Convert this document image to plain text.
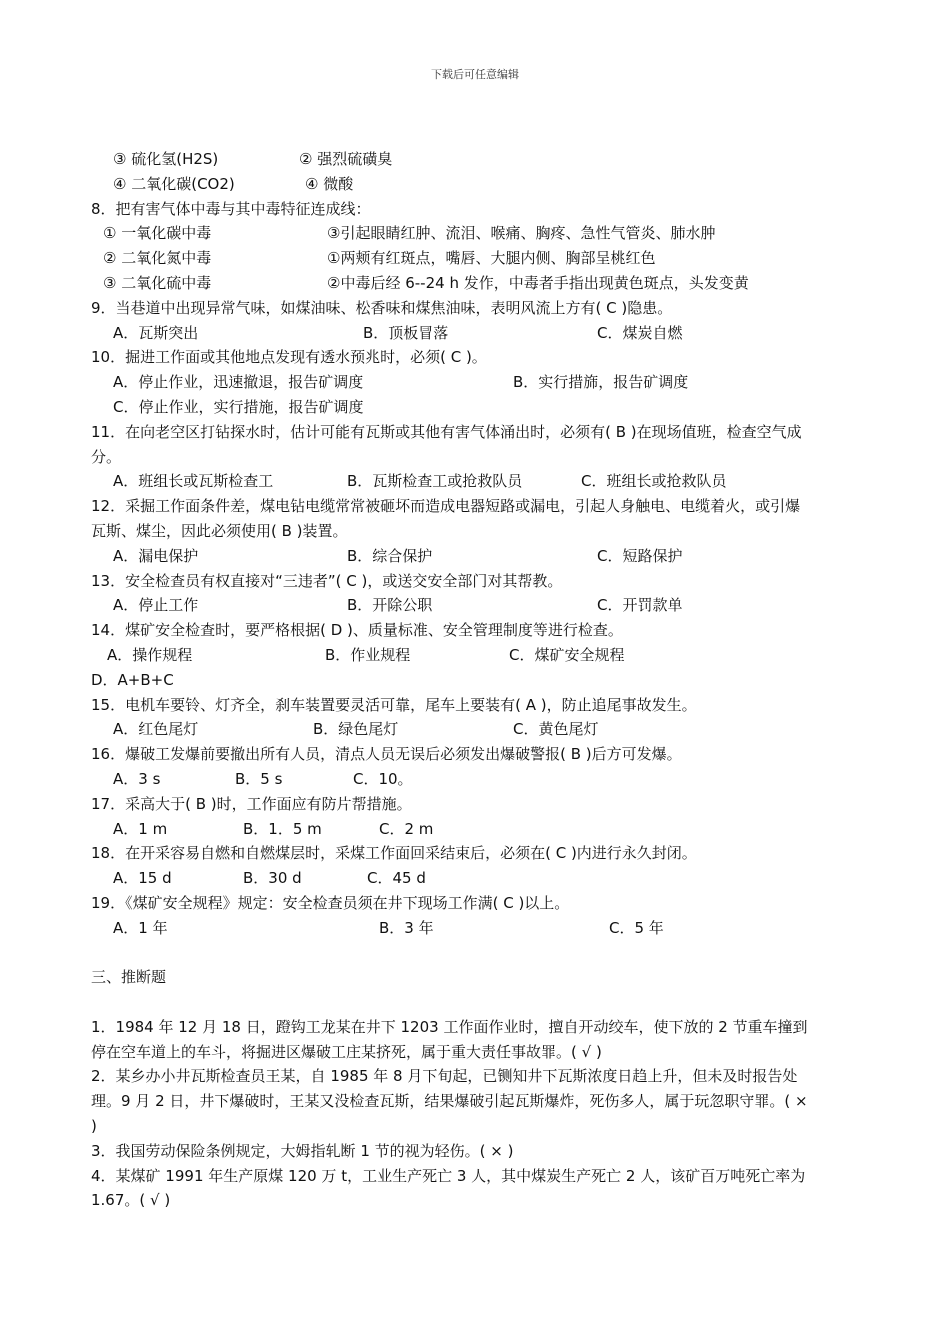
下载后可任意编辑
③ 硫化氢(H2S)	② 强烈硫磺臭
④ 二氧化碳(CO2)	④ 微酸
8．把有害气体中毒与其中毒特征连成线：
① 一氧化碳中毒	③引起眼睛红肿、流泪、喉痛、胸疼、急性气管炎、肺水肿
② 二氧化氮中毒	①两颊有红斑点，嘴唇、大腿内侧、胸部呈桃红色
③ 二氧化硫中毒	②中毒后经 6--24 h 发作，中毒者手指出现黄色斑点，头发变黄
9．当巷道中出现异常气味，如煤油味、松香味和煤焦油味，表明风流上方有( C )隐患。
A．瓦斯突出	B．顶板冒落	C．煤炭自燃
10．掘进工作面或其他地点发现有透水预兆时，必须( C )。
A．停止作业，迅速撤退，报告矿调度	B．实行措旆，报告矿调度
C．停止作业，实行措施，报告矿调度
11．在向老空区打钻探水时，估计可能有瓦斯或其他有害气体涌出时，必须有( B )在现场值班，检查空气成分。
A．班组长或瓦斯检查工	B．瓦斯检查工或抢救队员	C．班组长或抢救队员
12．采掘工作面条件差，煤电钻电缆常常被砸坏而造成电器短路或漏电，引起人身触电、电缆着火，或引爆瓦斯、煤尘，因此必须使用( B )装置。
A．漏电保护	B．综合保护	C．短路保护
13．安全检查员有权直接对“三违者”( C )，或送交安全部门对其帮教。
A．停止工作	B．开除公职	C．开罚款单
14．煤矿安全检查时，要严格根据( D )、质量标准、安全管理制度等进行检查。
A．操作规程	B．作业规程	C．煤矿安全规程
D．A+B+C
15．电机车要铃、灯齐全，刹车装置要灵活可靠，尾车上要装有( A )，防止追尾事故发生。
A．红色尾灯	B．绿色尾灯	C．黄色尾灯
16．爆破工发爆前要撤出所有人员，清点人员无误后必须发出爆破警报( B )后方可发爆。
A．3 s	B．5 s	C．10。
17．采高大于( B )时，工作面应有防片帮措施。
A．1 m	B．1．5 m	C．2 m
18．在开采容易自燃和自燃煤层时，采煤工作面回采结束后，必须在( C )内进行永久封闭。
A．15 d	B．30 d	C．45 d
19．《煤矿安全规程》规定：安全检查员须在井下现场工作满( C )以上。
A．1 年	B．3 年	C．5 年
三、推断题
1．1984 年 12 月 18 日，蹬钩工龙某在井下 1203 工作面作业时，擅自开动绞车，使下放的 2 节重车撞到停在空车道上的车斗，将掘进区爆破工庄某挤死，属于重大责任事故罪。( √ )
2．某乡办小井瓦斯检查员王某，自 1985 年 8 月下旬起，已铡知井下瓦斯浓度日趋上升，但未及时报告处理。9 月 2 日，井下爆破时，王某又没检查瓦斯，结果爆破引起瓦斯爆炸，死伤多人，属于玩忽职守罪。( × )
3．我国劳动保险条例规定，大姆指轧断 1 节的视为轻伤。( × )
4．某煤矿 1991 年生产原煤 120 万 t，工业生产死亡 3 人，其中煤炭生产死亡 2 人，该矿百万吨死亡率为 1.67。( √ )
